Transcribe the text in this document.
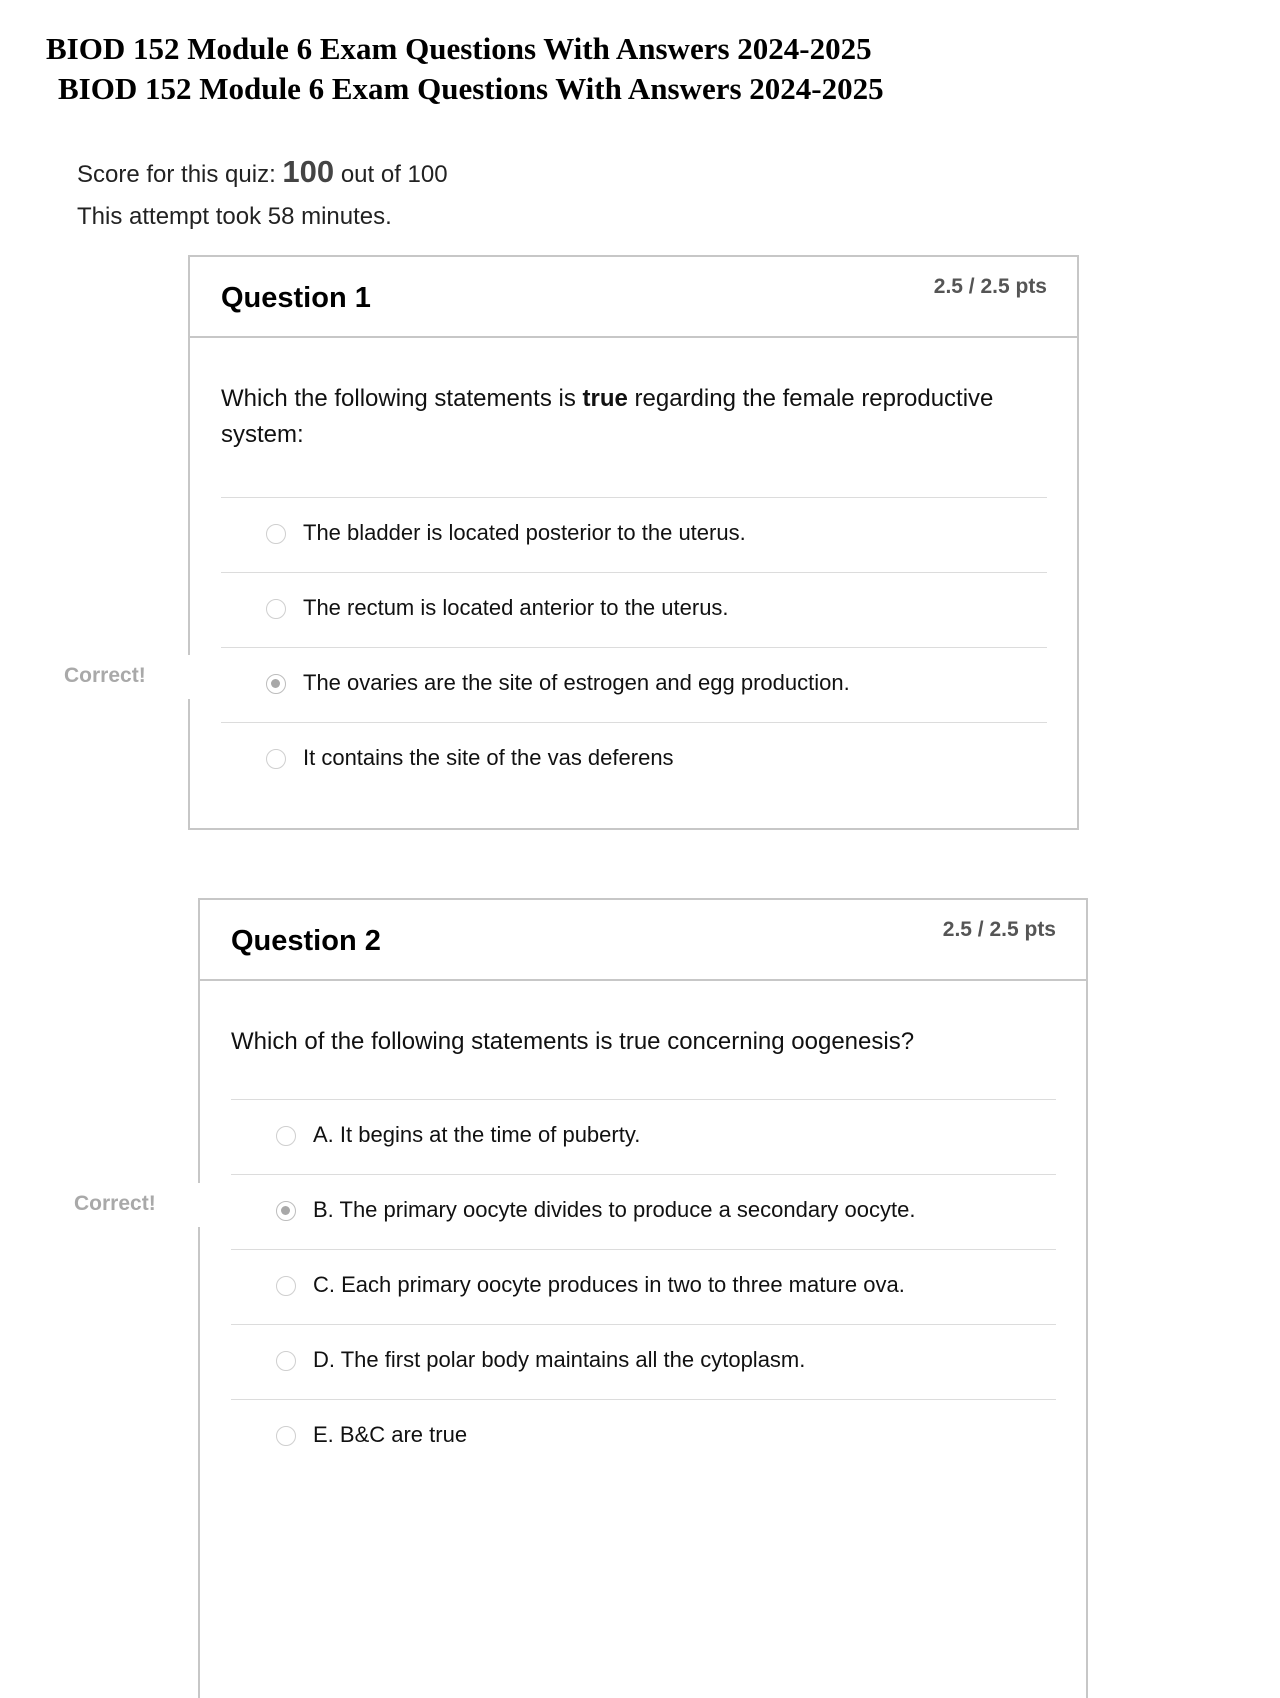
BIOD 152 Module 6 Exam Questions With Answers 2024-2025
BIOD 152 Module 6 Exam Questions With Answers 2024-2025
Score for this quiz: 100 out of 100
This attempt took 58 minutes.
Question 1	2.5 / 2.5 pts
Which the following statements is true regarding the female reproductive system:
The bladder is located posterior to the uterus.
The rectum is located anterior to the uterus.
The ovaries are the site of estrogen and egg production.
It contains the site of the vas deferens
Correct!
Question 2	2.5 / 2.5 pts
Which of the following statements is true concerning oogenesis?
A. It begins at the time of puberty.
B. The primary oocyte divides to produce a secondary oocyte.
C. Each primary oocyte produces in two to three mature ova.
D. The first polar body maintains all the cytoplasm.
E. B&C are true
Correct!
